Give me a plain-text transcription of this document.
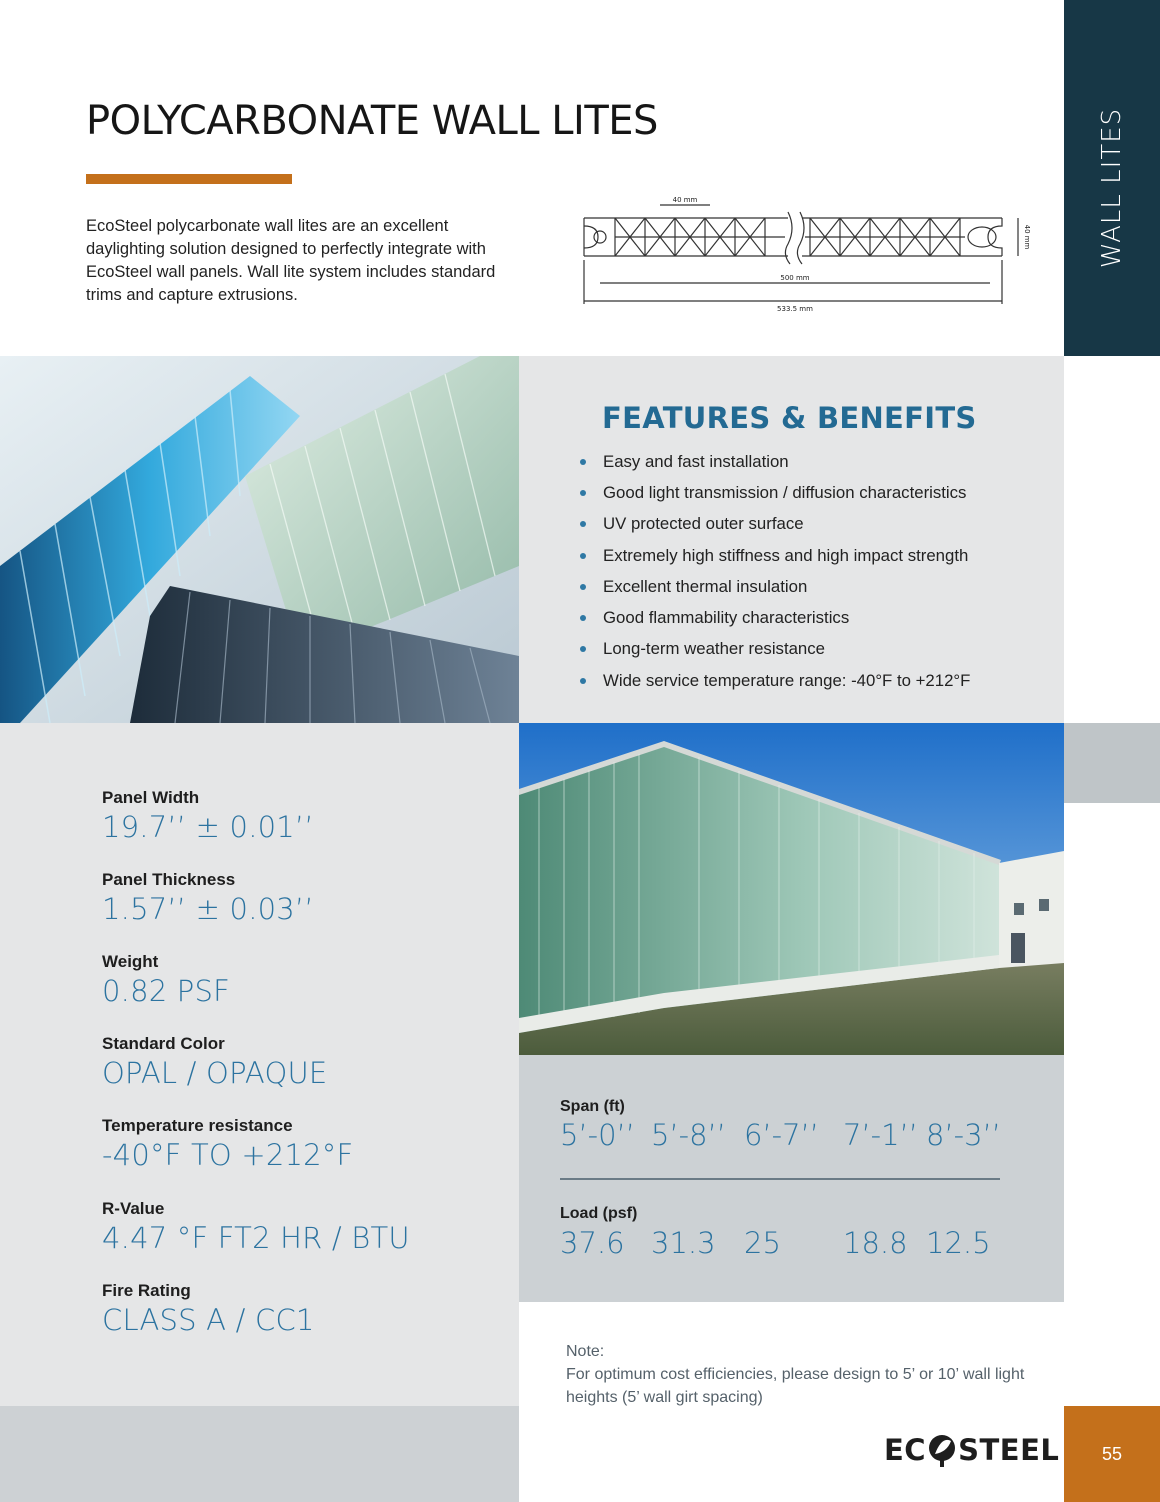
POLYCARBONATE WALL LITES

EcoSteel polycarbonate wall lites are an excellent daylighting solution designed to perfectly integrate with EcoSteel wall panels. Wall lite system includes standard trims and capture extrusions.

40 mm
500 mm
533.5 mm
40 mm	WALL LITES
FEATURES & BENEFITS
Easy and fast installation
Good light transmission / diffusion characteristics
UV protected outer surface
Extremely high stiffness and high impact strength
Excellent thermal insulation
Good flammability characteristics
Long-term weather resistance
Wide service temperature range: -40°F to +212°F
Panel Width
19.7’’ ± 0.01’’
Panel Thickness
1.57’’ ± 0.03’’
Weight
0.82 PSF
Standard Color
OPAL / OPAQUE
Temperature resistance
-40°F TO +212°F
R-Value
4.47 °F FT2 HR / BTU
Fire Rating
CLASS A / CC1
Span (ft)
5’-0’’ 5’-8’’ 6’-7’’ 7’-1’’ 8’-3’’
Load (psf)
37.6 31.3 25 18.8 12.5
Note:
For optimum cost efficiencies, please design to 5’ or 10’ wall light heights (5’ wall girt spacing)
EC STEEL	55
